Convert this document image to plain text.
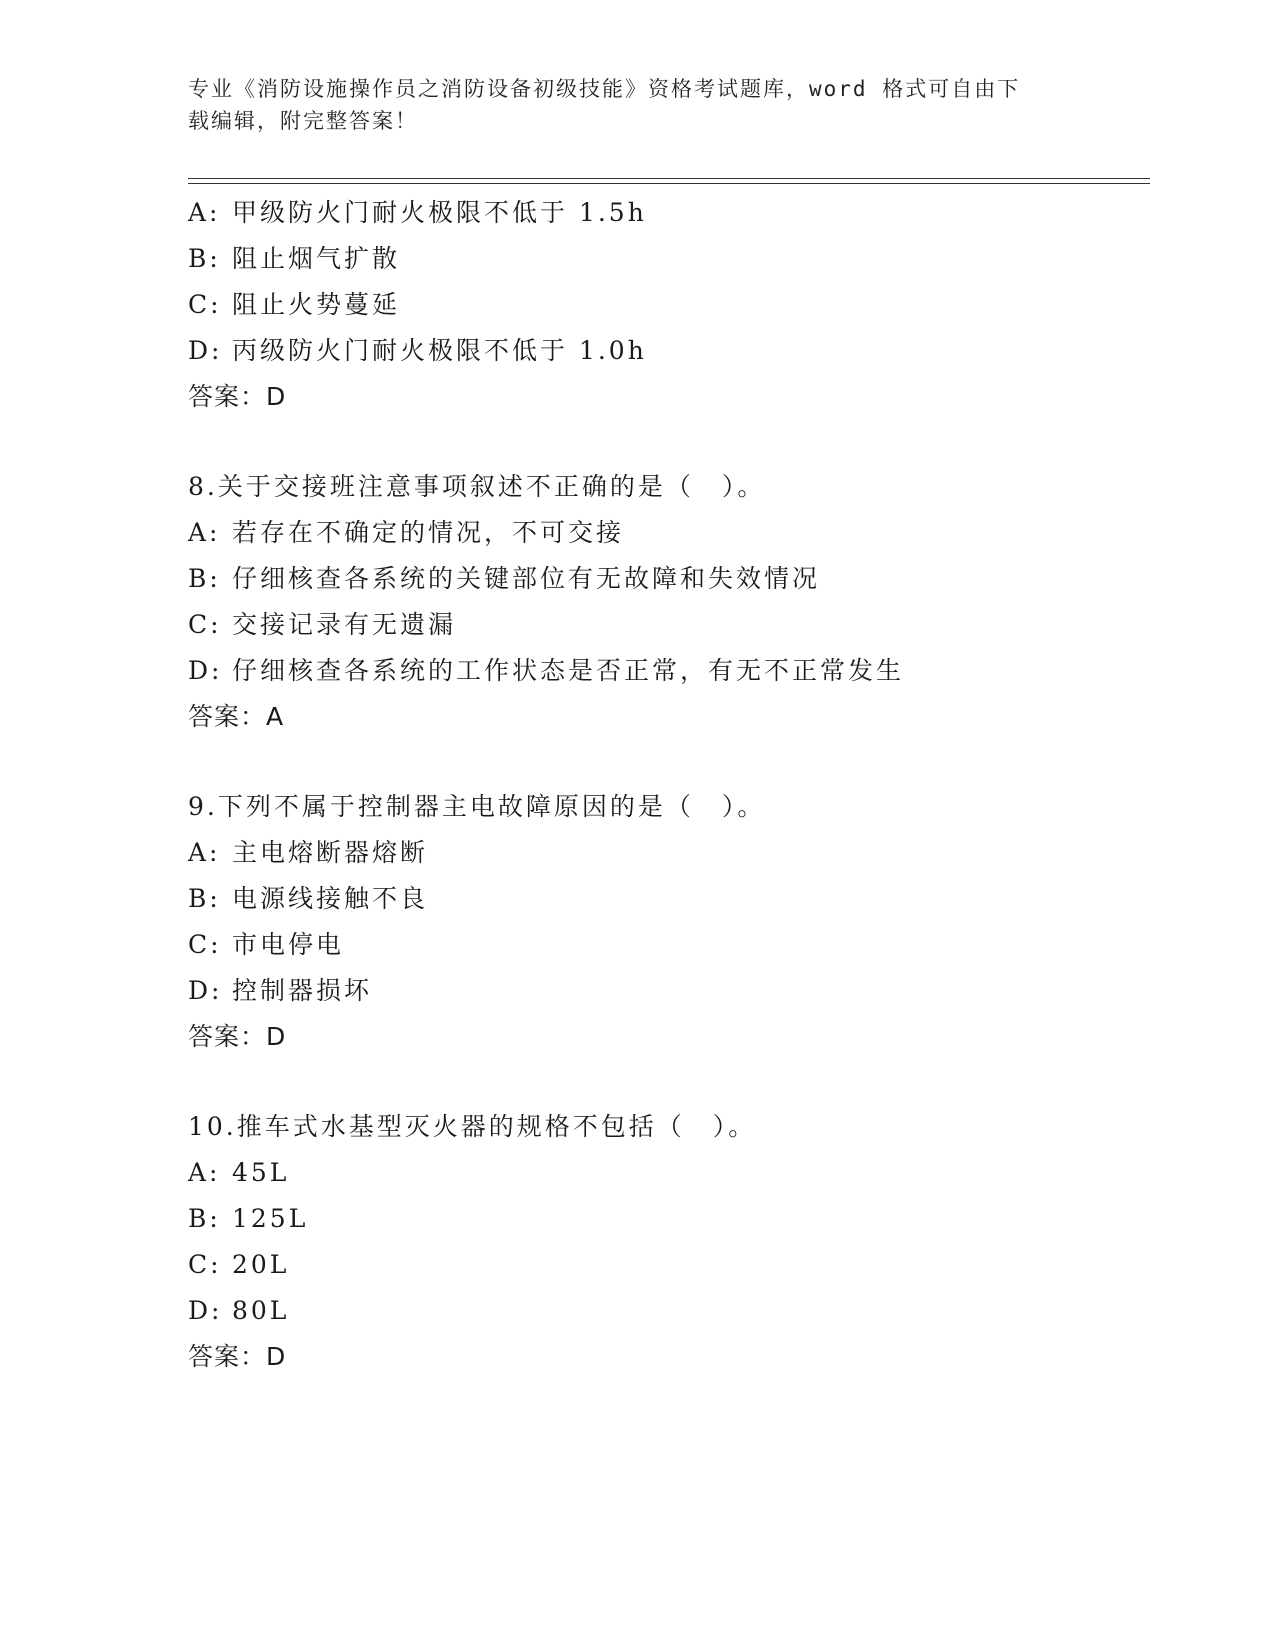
专业《消防设施操作员之消防设备初级技能》资格考试题库，word 格式可自由下
载编辑，附完整答案！
A: 甲级防火门耐火极限不低于 1.5h
B: 阻止烟气扩散
C: 阻止火势蔓延
D: 丙级防火门耐火极限不低于 1.0h
答案：D
8.关于交接班注意事项叙述不正确的是（　）。
A: 若存在不确定的情况，不可交接
B: 仔细核查各系统的关键部位有无故障和失效情况
C: 交接记录有无遗漏
D: 仔细核查各系统的工作状态是否正常，有无不正常发生
答案：A
9.下列不属于控制器主电故障原因的是（　）。
A: 主电熔断器熔断
B: 电源线接触不良
C: 市电停电
D: 控制器损坏
答案：D
10.推车式水基型灭火器的规格不包括（　）。
A: 45L
B: 125L
C: 20L
D: 80L
答案：D
